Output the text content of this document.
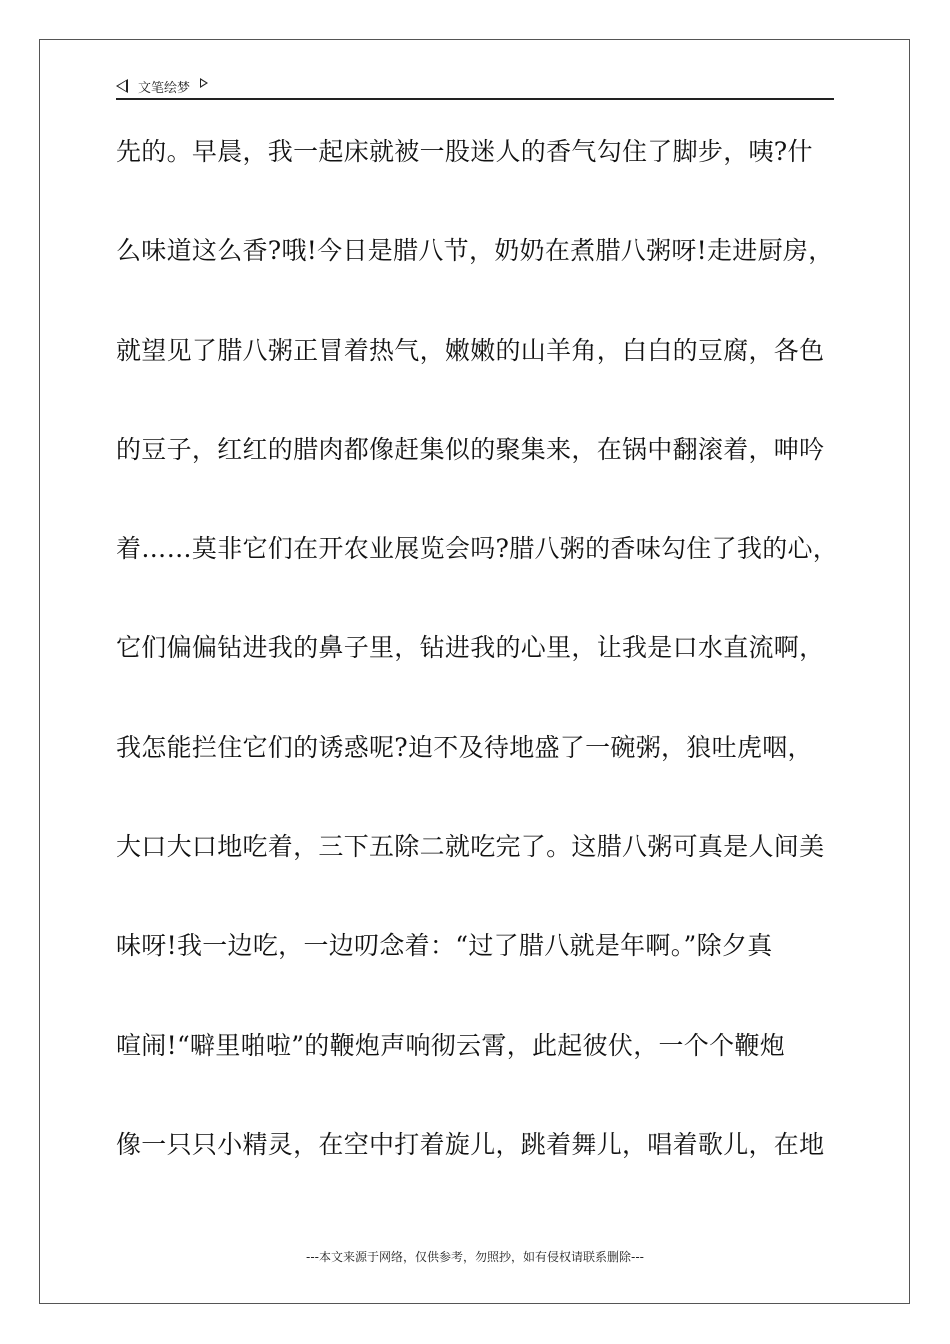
文笔绘梦
先的。早晨，我一起床就被一股迷人的香气勾住了脚步，咦?什
么味道这么香?哦!今日是腊八节，奶奶在煮腊八粥呀!走进厨房，
就望见了腊八粥正冒着热气，嫩嫩的山羊角，白白的豆腐，各色
的豆子，红红的腊肉都像赶集似的聚集来，在锅中翻滚着，呻吟
着……莫非它们在开农业展览会吗?腊八粥的香味勾住了我的心，
它们偏偏钻进我的鼻子里，钻进我的心里，让我是口水直流啊，
我怎能拦住它们的诱惑呢?迫不及待地盛了一碗粥，狼吐虎咽，
大口大口地吃着，三下五除二就吃完了。这腊八粥可真是人间美
味呀!我一边吃，一边叨念着：“过了腊八就是年啊。”除夕真
喧闹!“噼里啪啦”的鞭炮声响彻云霄，此起彼伏，一个个鞭炮
像一只只小精灵，在空中打着旋儿，跳着舞儿，唱着歌儿，在地
---本文来源于网络，仅供参考，勿照抄，如有侵权请联系删除---
